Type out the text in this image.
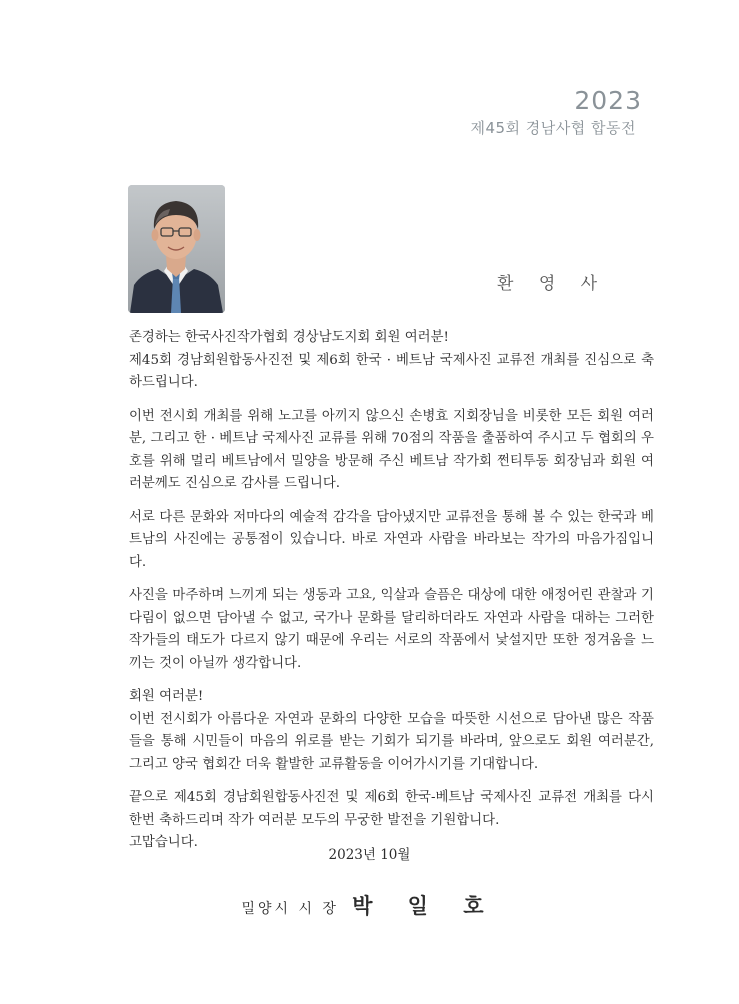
2023
제45회 경남사협 합동전
환 영 사

존경하는 한국사진작가협회 경상남도지회 회원 여러분!
제45회 경남회원합동사진전 및 제6회 한국 · 베트남 국제사진 교류전 개최를 진심으로 축하드립니다.

이번 전시회 개최를 위해 노고를 아끼지 않으신 손병효 지회장님을 비롯한 모든 회원 여러분, 그리고 한 · 베트남 국제사진 교류를 위해 70점의 작품을 출품하여 주시고 두 협회의 우호를 위해 멀리 베트남에서 밀양을 방문해 주신 베트남 작가회 쩐티투동 회장님과 회원 여러분께도 진심으로 감사를 드립니다.

서로 다른 문화와 저마다의 예술적 감각을 담아냈지만 교류전을 통해 볼 수 있는 한국과 베트남의 사진에는 공통점이 있습니다. 바로 자연과 사람을 바라보는 작가의 마음가짐입니다.

사진을 마주하며 느끼게 되는 생동과 고요, 익살과 슬픔은 대상에 대한 애정어린 관찰과 기다림이 없으면 담아낼 수 없고, 국가나 문화를 달리하더라도 자연과 사람을 대하는 그러한 작가들의 태도가 다르지 않기 때문에 우리는 서로의 작품에서 낯설지만 또한 정겨움을 느끼는 것이 아닐까 생각합니다.

회원 여러분!
이번 전시회가 아름다운 자연과 문화의 다양한 모습을 따뜻한 시선으로 담아낸 많은 작품들을 통해 시민들이 마음의 위로를 받는 기회가 되기를 바라며, 앞으로도 회원 여러분간, 그리고 양국 협회간 더욱 활발한 교류활동을 이어가시기를 기대합니다.

끝으로 제45회 경남회원합동사진전 및 제6회 한국-베트남 국제사진 교류전 개최를 다시 한번 축하드리며 작가 여러분 모두의 무궁한 발전을 기원합니다.
고맙습니다.

2023년 10월
밀양시 시 장 박 일 호
